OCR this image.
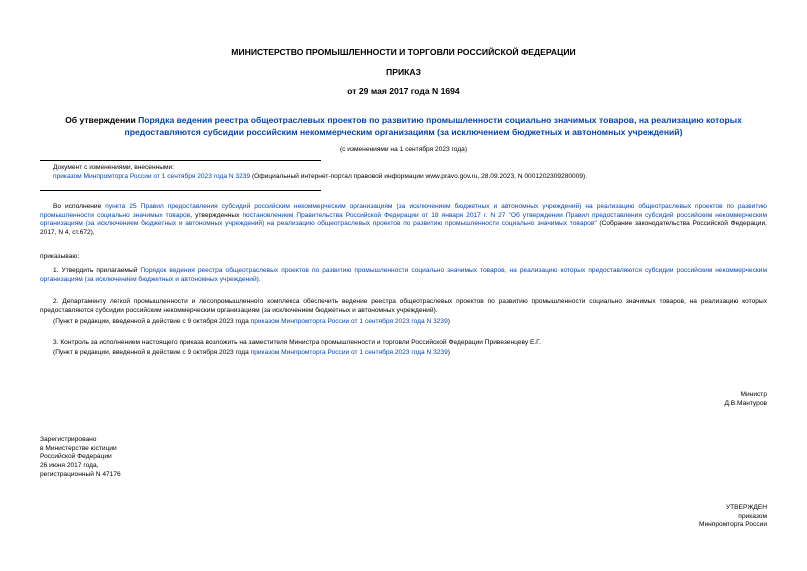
МИНИСТЕРСТВО ПРОМЫШЛЕННОСТИ И ТОРГОВЛИ РОССИЙСКОЙ ФЕДЕРАЦИИ
ПРИКАЗ
от 29 мая 2017 года N 1694
Об утверждении Порядка ведения реестра общеотраслевых проектов по развитию промышленности социально значимых товаров, на реализацию которых предоставляются субсидии российским некоммерческим организациям (за исключением бюджетных и автономных учреждений)
(с изменениями на 1 сентября 2023 года)

Документ с изменениями, внесенными:

приказом Минпромторга России от 1 сентября 2023 года N 3239 (Официальный интернет-портал правовой информации www.pravo.gov.ru, 28.09.2023, N 0001202309280009).

Во исполнение пункта 25 Правил предоставления субсидий российским некоммерческим организациям (за исключением бюджетных и автономных учреждений) на реализацию общеотраслевых проектов по развитию промышленности социально значимых товаров, утвержденных постановлением Правительства Российской Федерации от 18 января 2017 г. N 27 "Об утверждении Правил предоставления субсидий российским некоммерческим организациям (за исключением бюджетных и автономных учреждений) на реализацию общеотраслевых проектов по развитию промышленности социально значимых товаров" (Собрание законодательства Российской Федерации, 2017, N 4, ст.672),
приказываю:
1. Утвердить прилагаемый Порядок ведения реестра общеотраслевых проектов по развитию промышленности социально значимых товаров, на реализацию которых предоставляются субсидии российским некоммерческим организациям (за исключением бюджетных и автономных учреждений).
2. Департаменту легкой промышленности и лесопромышленного комплекса обеспечить ведение реестра общеотраслевых проектов по развитию промышленности социально значимых товаров, на реализацию которых предоставляются субсидии российским некоммерческим организациям (за исключением бюджетных и автономных учреждений).
(Пункт в редакции, введенной в действие с 9 октября 2023 года приказом Минпромторга России от 1 сентября 2023 года N 3239)
3. Контроль за исполнением настоящего приказа возложить на заместителя Министра промышленности и торговли Российской Федерации Привезенцеву Е.Г.
(Пункт в редакции, введенной в действие с 9 октября 2023 года приказом Минпромторга России от 1 сентября 2023 года N 3239)

Министр

Д.В.Мантуров

Зарегистрировано

в Министерстве юстиции

Российской Федерации

26 июня 2017 года,

регистрационный N 47176

УТВЕРЖДЕН

приказом

Минпромторга России
